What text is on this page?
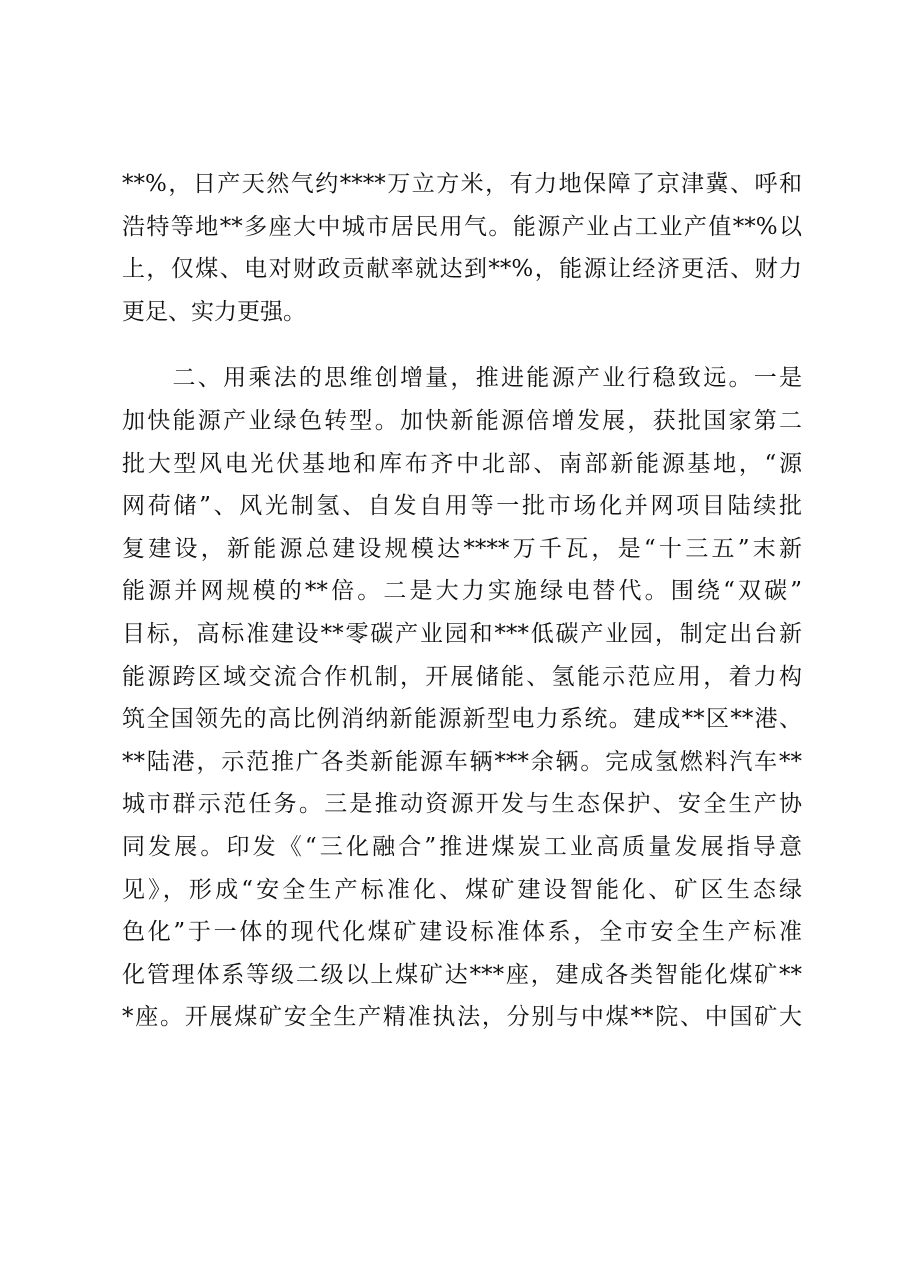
**%，日产天然气约****万立方米，有力地保障了京津冀、呼和
浩特等地**多座大中城市居民用气。能源产业占工业产值**%以
上，仅煤、电对财政贡献率就达到**%，能源让经济更活、财力
更足、实力更强。
　　二、用乘法的思维创增量，推进能源产业行稳致远。一是
加快能源产业绿色转型。加快新能源倍增发展，获批国家第二
批大型风电光伏基地和库布齐中北部、南部新能源基地，“源
网荷储”、风光制氢、自发自用等一批市场化并网项目陆续批
复建设，新能源总建设规模达****万千瓦，是“十三五”末新
能源并网规模的**倍。二是大力实施绿电替代。围绕“双碳”
目标，高标准建设**零碳产业园和***低碳产业园，制定出台新
能源跨区域交流合作机制，开展储能、氢能示范应用，着力构
筑全国领先的高比例消纳新能源新型电力系统。建成**区**港、
**陆港，示范推广各类新能源车辆***余辆。完成氢燃料汽车**
城市群示范任务。三是推动资源开发与生态保护、安全生产协
同发展。印发《“三化融合”推进煤炭工业高质量发展指导意
见》，形成“安全生产标准化、煤矿建设智能化、矿区生态绿
色化”于一体的现代化煤矿建设标准体系，全市安全生产标准
化管理体系等级二级以上煤矿达***座，建成各类智能化煤矿**
*座。开展煤矿安全生产精准执法，分别与中煤**院、中国矿大
